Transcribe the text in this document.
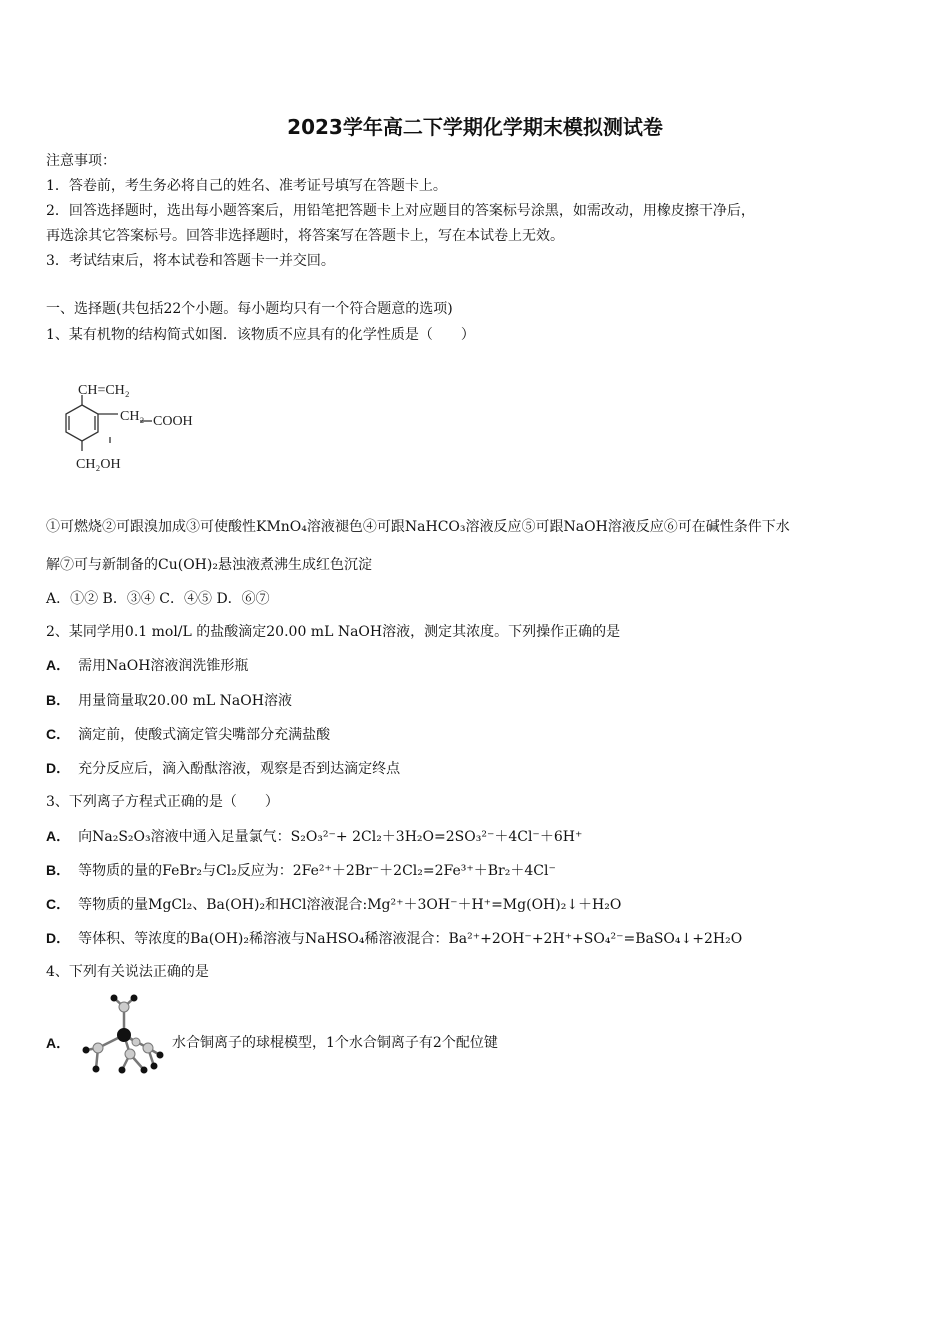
2023学年高二下学期化学期末模拟测试卷
注意事项：
1．答卷前，考生务必将自己的姓名、准考证号填写在答题卡上。
2．回答选择题时，选出每小题答案后，用铅笔把答题卡上对应题目的答案标号涂黑，如需改动，用橡皮擦干净后，
再选涂其它答案标号。回答非选择题时，将答案写在答题卡上，写在本试卷上无效。
3．考试结束后，将本试卷和答题卡一并交回。
一、选择题(共包括22个小题。每小题均只有一个符合题意的选项)
1、某有机物的结构简式如图．该物质不应具有的化学性质是（　　）
CH=CH₂
CH₂ COOH
CH₂OH
①可燃烧②可跟溴加成③可使酸性KMnO₄溶液褪色④可跟NaHCO₃溶液反应⑤可跟NaOH溶液反应⑥可在碱性条件下水
解⑦可与新制备的Cu(OH)₂悬浊液煮沸生成红色沉淀
A．①② B．③④ C．④⑤ D．⑥⑦
2、某同学用0.1 mol/L 的盐酸滴定20.00 mL NaOH溶液，测定其浓度。下列操作正确的是
A． 需用NaOH溶液润洗锥形瓶
B． 用量筒量取20.00 mL NaOH溶液
C． 滴定前，使酸式滴定管尖嘴部分充满盐酸
D． 充分反应后，滴入酚酞溶液，观察是否到达滴定终点
3、下列离子方程式正确的是（　　）
A． 向Na₂S₂O₃溶液中通入足量氯气：S₂O₃²⁻+ 2Cl₂＋3H₂O=2SO₃²⁻＋4Cl⁻＋6H⁺
B． 等物质的量的FeBr₂与Cl₂反应为：2Fe²⁺＋2Br⁻＋2Cl₂=2Fe³⁺＋Br₂＋4Cl⁻
C． 等物质的量MgCl₂、Ba(OH)₂和HCl溶液混合:Mg²⁺＋3OH⁻＋H⁺=Mg(OH)₂↓＋H₂O
D． 等体积、等浓度的Ba(OH)₂稀溶液与NaHSO₄稀溶液混合：Ba²⁺+2OH⁻+2H⁺+SO₄²⁻=BaSO₄↓+2H₂O
4、下列有关说法正确的是
A．	水合铜离子的球棍模型，1个水合铜离子有2个配位键
